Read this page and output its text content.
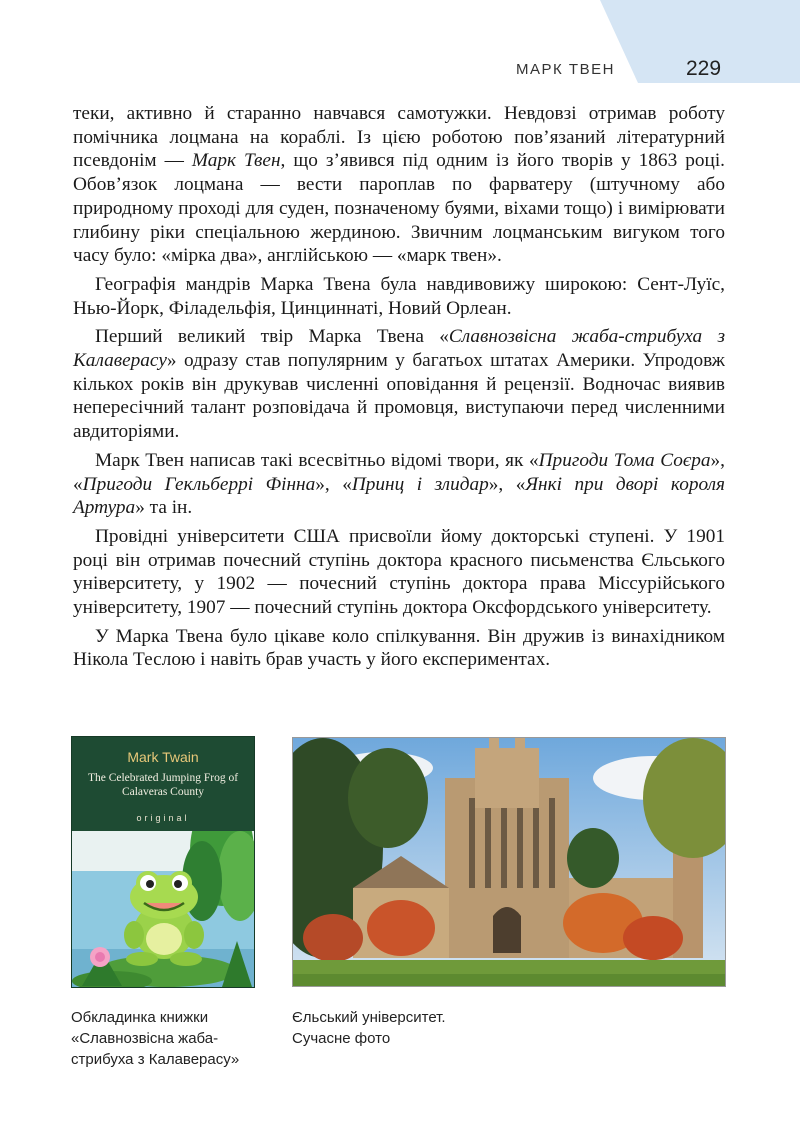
МАРК ТВЕН	229

теки, активно й старанно навчався самотужки. Невдовзі отримав роботу помічника лоцмана на кораблі. Із цією роботою пов’язаний літературний псевдонім — Марк Твен, що з’явився під одним із його творів у 1863 році. Обов’язок лоцмана — вести пароплав по фарватеру (штучному або природному проході для суден, позначеному буями, віхами тощо) і вимірювати глибину ріки спеціальною жердиною. Звичним лоцманським вигуком того часу було: «мірка два», англійською — «марк твен».

Географія мандрів Марка Твена була навдивовижу широкою: Сент-Луїс, Нью-Йорк, Філадельфія, Цинциннаті, Новий Орлеан.

Перший великий твір Марка Твена «Славнозвісна жаба-стрибуха з Калаверасу» одразу став популярним у багатьох штатах Америки. Упродовж кількох років він друкував численні оповідання й рецензії. Водночас виявив непересічний талант розповідача й промовця, виступаючи перед численними авдиторіями.

Марк Твен написав такі всесвітньо відомі твори, як «Пригоди Тома Соєра», «Пригоди Гекльберрі Фінна», «Принц і злидар», «Янкі при дворі короля Артура» та ін.

Провідні університети США присвоїли йому докторські ступені. У 1901 році він отримав почесний ступінь доктора красного письменства Єльського університету, у 1902 — почесний ступінь доктора права Міссурійського університету, 1907 — почесний ступінь доктора Оксфордського університету.

У Марка Твена було цікаве коло спілкування. Він дружив із винахідником Нікола Теслою і навіть брав участь у його експериментах.

Mark Twain
The Celebrated Jumping Frog of Calaveras County
original
Обкладинка книжки
«Славнозвісна жаба-
стрибуха з Калаверасу»
Єльський університет.
Сучасне фото
